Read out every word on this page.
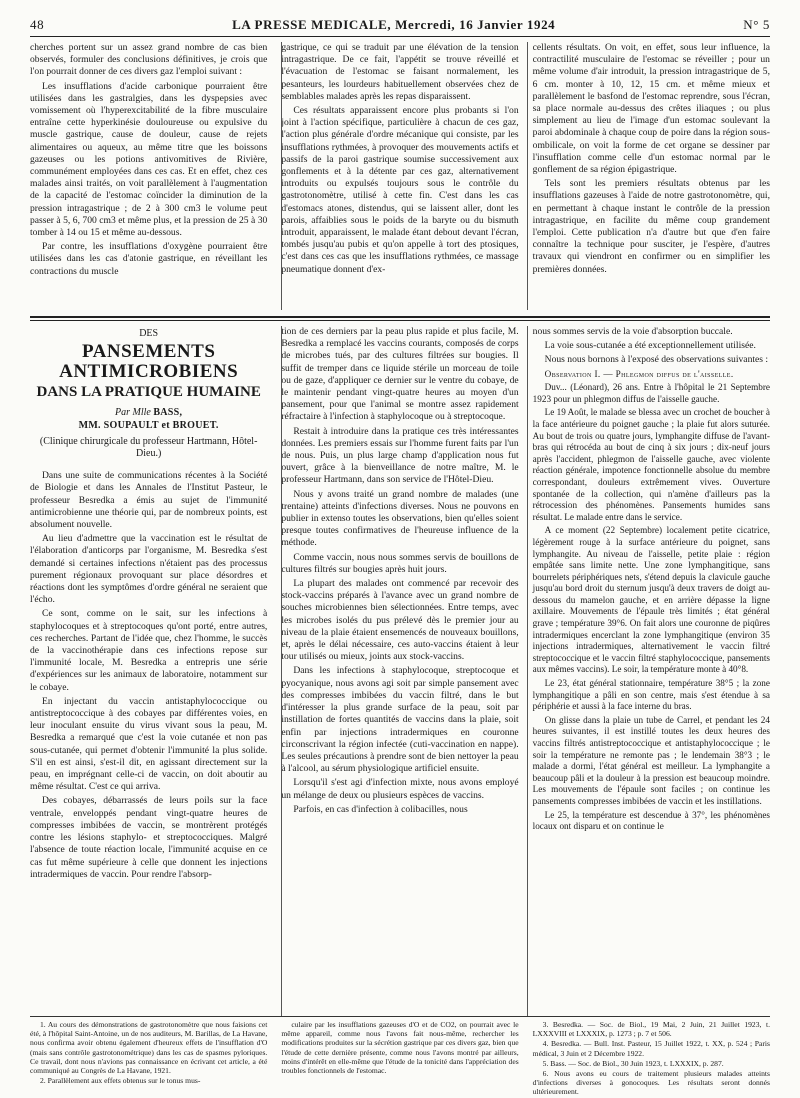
48	LA PRESSE MEDICALE, Mercredi, 16 Janvier 1924	N° 5

cherches portent sur un assez grand nombre de cas bien observés, formuler des conclusions définitives, je crois que l'on pourrait donner de ces divers gaz l'emploi suivant :

Les insufflations d'acide carbonique pourraient être utilisées dans les gastralgies, dans les dyspepsies avec vomissement où l'hyperexcitabilité de la fibre musculaire entraîne cette hyperkinésie douloureuse ou expulsive du muscle gastrique, cause de douleur, cause de rejets alimentaires ou aqueux, au même titre que les boissons gazeuses ou les potions antivomitives de Rivière, communément employées dans ces cas. Et en effet, chez ces malades ainsi traités, on voit parallèlement à l'augmentation de la capacité de l'estomac coïncider la diminution de la pression intragastrique ; de 2 à 300 cm3 le volume peut passer à 5, 6, 700 cm3 et même plus, et la pression de 25 à 30 tomber à 14 ou 15 et même au-dessous.

Par contre, les insufflations d'oxygène pourraient être utilisées dans les cas d'atonie gastrique, en réveillant les contractions du muscle

gastrique, ce qui se traduit par une élévation de la tension intragastrique. De ce fait, l'appétit se trouve réveillé et l'évacuation de l'estomac se faisant normalement, les pesanteurs, les lourdeurs habituellement observées chez de semblables malades après les repas disparaissent.

Ces résultats apparaissent encore plus probants si l'on joint à l'action spécifique, particulière à chacun de ces gaz, l'action plus générale d'ordre mécanique qui consiste, par les insufflations rythmées, à provoquer des mouvements actifs et passifs de la paroi gastrique soumise successivement aux gonflements et à la détente par ces gaz, alternativement introduits ou expulsés toujours sous le contrôle du gastrotonomètre, utilisé à cette fin. C'est dans les cas d'estomacs atones, distendus, qui se laissent aller, dont les parois, affaiblies sous le poids de la baryte ou du bismuth introduit, apparaissent, le malade étant debout devant l'écran, tombés jusqu'au pubis et qu'on appelle à tort des ptosiques, c'est dans ces cas que les insufflations rythmées, ce massage pneumatique donnent d'ex-

cellents résultats. On voit, en effet, sous leur influence, la contractilité musculaire de l'estomac se réveiller ; pour un même volume d'air introduit, la pression intragastrique de 5, 6 cm. monter à 10, 12, 15 cm. et même mieux et parallèlement le basfond de l'estomac reprendre, sous l'écran, sa place normale au-dessus des crêtes iliaques ; ou plus simplement au lieu de l'image d'un estomac soulevant la paroi abdominale à chaque coup de poire dans la région sous-ombilicale, on voit la forme de cet organe se dessiner par l'insufflation comme celle d'un estomac normal par le gonflement de sa région épigastrique.

Tels sont les premiers résultats obtenus par les insufflations gazeuses à l'aide de notre gastrotonomètre, qui, en permettant à chaque instant le contrôle de la pression intragastrique, en facilite du même coup grandement l'emploi. Cette publication n'a d'autre but que d'en faire connaître la technique pour susciter, je l'espère, d'autres travaux qui viendront en confirmer ou en simplifier les premières données.

DES
PANSEMENTS ANTIMICROBIENS
DANS LA PRATIQUE HUMAINE
Par Mlle BASS,
MM. SOUPAULT et BROUET.
(Clinique chirurgicale du professeur Hartmann, Hôtel-Dieu.)

Dans une suite de communications récentes à la Société de Biologie et dans les Annales de l'Institut Pasteur, le professeur Besredka a émis au sujet de l'immunité antimicrobienne une théorie qui, par de nombreux points, est absolument nouvelle.

Au lieu d'admettre que la vaccination est le résultat de l'élaboration d'anticorps par l'organisme, M. Besredka s'est demandé si certaines infections n'étaient pas des processus purement régionaux provoquant sur place désordres et réactions dont les symptômes d'ordre général ne seraient que l'écho.

Ce sont, comme on le sait, sur les infections à staphylocoques et à streptocoques qu'ont porté, entre autres, ces recherches. Partant de l'idée que, chez l'homme, le succès de la vaccinothérapie dans ces infections repose sur l'immunité locale, M. Besredka a entrepris une série d'expériences sur les animaux de laboratoire, notamment sur le cobaye.

En injectant du vaccin antistaphylococcique ou antistreptococcique à des cobayes par différentes voies, en leur inoculant ensuite du virus vivant sous la peau, M. Besredka a remarqué que c'est la voie cutanée et non pas sous-cutanée, qui permet d'obtenir l'immunité la plus solide. S'il en est ainsi, s'est-il dit, en agissant directement sur la peau, en imprégnant celle-ci de vaccin, on doit aboutir au même résultat. C'est ce qui arriva.

Des cobayes, débarrassés de leurs poils sur la face ventrale, enveloppés pendant vingt-quatre heures de compresses imbibées de vaccin, se montrèrent protégés contre les lésions staphylo- et streptococciques. Malgré l'absence de toute réaction locale, l'immunité acquise en ce cas fut même supérieure à celle que donnent les injections intradermiques de vaccin. Pour rendre l'absorp-

tion de ces derniers par la peau plus rapide et plus facile, M. Besredka a remplacé les vaccins courants, composés de corps de microbes tués, par des cultures filtrées sur bougies. Il suffit de tremper dans ce liquide stérile un morceau de toile ou de gaze, d'appliquer ce dernier sur le ventre du cobaye, de le maintenir pendant vingt-quatre heures au moyen d'un pansement, pour que l'animal se montre assez rapidement réfractaire à l'infection à staphylocoque ou à streptocoque.

Restait à introduire dans la pratique ces très intéressantes données. Les premiers essais sur l'homme furent faits par l'un de nous. Puis, un plus large champ d'application nous fut ouvert, grâce à la bienveillance de notre maître, M. le professeur Hartmann, dans son service de l'Hôtel-Dieu.

Nous y avons traité un grand nombre de malades (une trentaine) atteints d'infections diverses. Nous ne pouvons en publier in extenso toutes les observations, bien qu'elles soient presque toutes confirmatives de l'heureuse influence de la méthode.

Comme vaccin, nous nous sommes servis de bouillons de cultures filtrés sur bougies après huit jours.

La plupart des malades ont commencé par recevoir des stock-vaccins préparés à l'avance avec un grand nombre de souches microbiennes bien sélectionnées. Entre temps, avec les microbes isolés du pus prélevé dès le premier jour au niveau de la plaie étaient ensemencés de nouveaux bouillons, et, après le délai nécessaire, ces auto-vaccins étaient à leur tour utilisés ou mieux, joints aux stock-vaccins.

Dans les infections à staphylocoque, streptocoque et pyocyanique, nous avons agi soit par simple pansement avec des compresses imbibées du vaccin filtré, dans le but d'intéresser la plus grande surface de la peau, soit par instillation de fortes quantités de vaccins dans la plaie, soit enfin par injections intradermiques en couronne circonscrivant la région infectée (cuti-vaccination en nappe). Les seules précautions à prendre sont de bien nettoyer la peau à l'alcool, au sérum physiologique artificiel ensuite.

Lorsqu'il s'est agi d'infection mixte, nous avons employé un mélange de deux ou plusieurs espèces de vaccins.

Parfois, en cas d'infection à colibacilles, nous

nous sommes servis de la voie d'absorption buccale.

La voie sous-cutanée a été exceptionnellement utilisée.

Nous nous bornons à l'exposé des observations suivantes :

Observation I. — Phlegmon diffus de l'aisselle.

Duv... (Léonard), 26 ans. Entre à l'hôpital le 21 Septembre 1923 pour un phlegmon diffus de l'aisselle gauche.

Le 19 Août, le malade se blessa avec un crochet de boucher à la face antérieure du poignet gauche ; la plaie fut alors suturée. Au bout de trois ou quatre jours, lymphangite diffuse de l'avant-bras qui rétrocéda au bout de cinq à six jours ; dix-neuf jours après l'accident, phlegmon de l'aisselle gauche, avec violente réaction générale, impotence fonctionnelle absolue du membre correspondant, douleurs extrêmement vives. Ouverture spontanée de la collection, qui n'amène d'ailleurs pas la rétrocession des phénomènes. Pansements humides sans résultat. Le malade entre dans le service.

A ce moment (22 Septembre) localement petite cicatrice, légèrement rouge à la surface antérieure du poignet, sans lymphangite. Au niveau de l'aisselle, petite plaie : région empâtée sans limite nette. Une zone lymphangitique, sans bourrelets périphériques nets, s'étend depuis la clavicule gauche jusqu'au bord droit du sternum jusqu'à deux travers de doigt au-dessous du mamelon gauche, et en arrière dépasse la ligne axillaire. Mouvements de l'épaule très limités ; état général grave ; température 39°6. On fait alors une couronne de piqûres intradermiques encerclant la zone lymphangitique (environ 35 injections intradermiques, alternativement le vaccin filtré streptococcique et le vaccin filtré staphylococcique, pansements aux mêmes vaccins). Le soir, la température monte à 40°8.

Le 23, état général stationnaire, température 38°5 ; la zone lymphangitique a pâli en son centre, mais s'est étendue à sa périphérie et aussi à la face interne du bras.

On glisse dans la plaie un tube de Carrel, et pendant les 24 heures suivantes, il est instillé toutes les deux heures des vaccins filtrés antistreptococcique et antistaphylococcique ; le soir la température ne remonte pas ; le lendemain 38°3 ; le malade a dormi, l'état général est meilleur. La lymphangite a beaucoup pâli et la douleur à la pression est beaucoup moindre. Les mouvements de l'épaule sont faciles ; on continue les pansements compresses imbibées de vaccin et les instillations.

Le 25, la température est descendue à 37°, les phénomènes locaux ont disparu et on continue le

1. Au cours des démonstrations de gastrotonomètre que nous faisions cet été, à l'hôpital Saint-Antoine, un de nos auditeurs, M. Barillas, de La Havane, nous confirma avoir obtenu également d'heureux effets de l'insufflation d'O (mais sans contrôle gastrotonométrique) dans les cas de spasmes pyloriques. Ce travail, dont nous n'avions pas connaissance en écrivant cet article, a été communiqué au Congrès de La Havane, 1921.

2. Parallèlement aux effets obtenus sur le tonus mus-

culaire par les insufflations gazeuses d'O et de CO2, on pourrait avec le même appareil, comme nous l'avons fait nous-même, rechercher les modifications produites sur la sécrétion gastrique par ces divers gaz, bien que l'étude de cette dernière présente, comme nous l'avons montré par ailleurs, moins d'intérêt en elle-même que l'étude de la tonicité dans l'appréciation des troubles fonctionnels de l'estomac.

3. Besredka. — Soc. de Biol., 19 Mai, 2 Juin, 21 Juillet 1923, t. LXXXVIII et LXXXIX, p. 1273 ; p. 7 et 506.

4. Besredka. — Bull. Inst. Pasteur, 15 Juillet 1922, t. XX, p. 524 ; Paris médical, 3 Juin et 2 Décembre 1922.

5. Bass. — Soc. de Biol., 30 Juin 1923, t. LXXXIX, p. 287.

6. Nous avons eu cours de traitement plusieurs malades atteints d'infections diverses à gonocoques. Les résultats seront donnés ultérieurement.
